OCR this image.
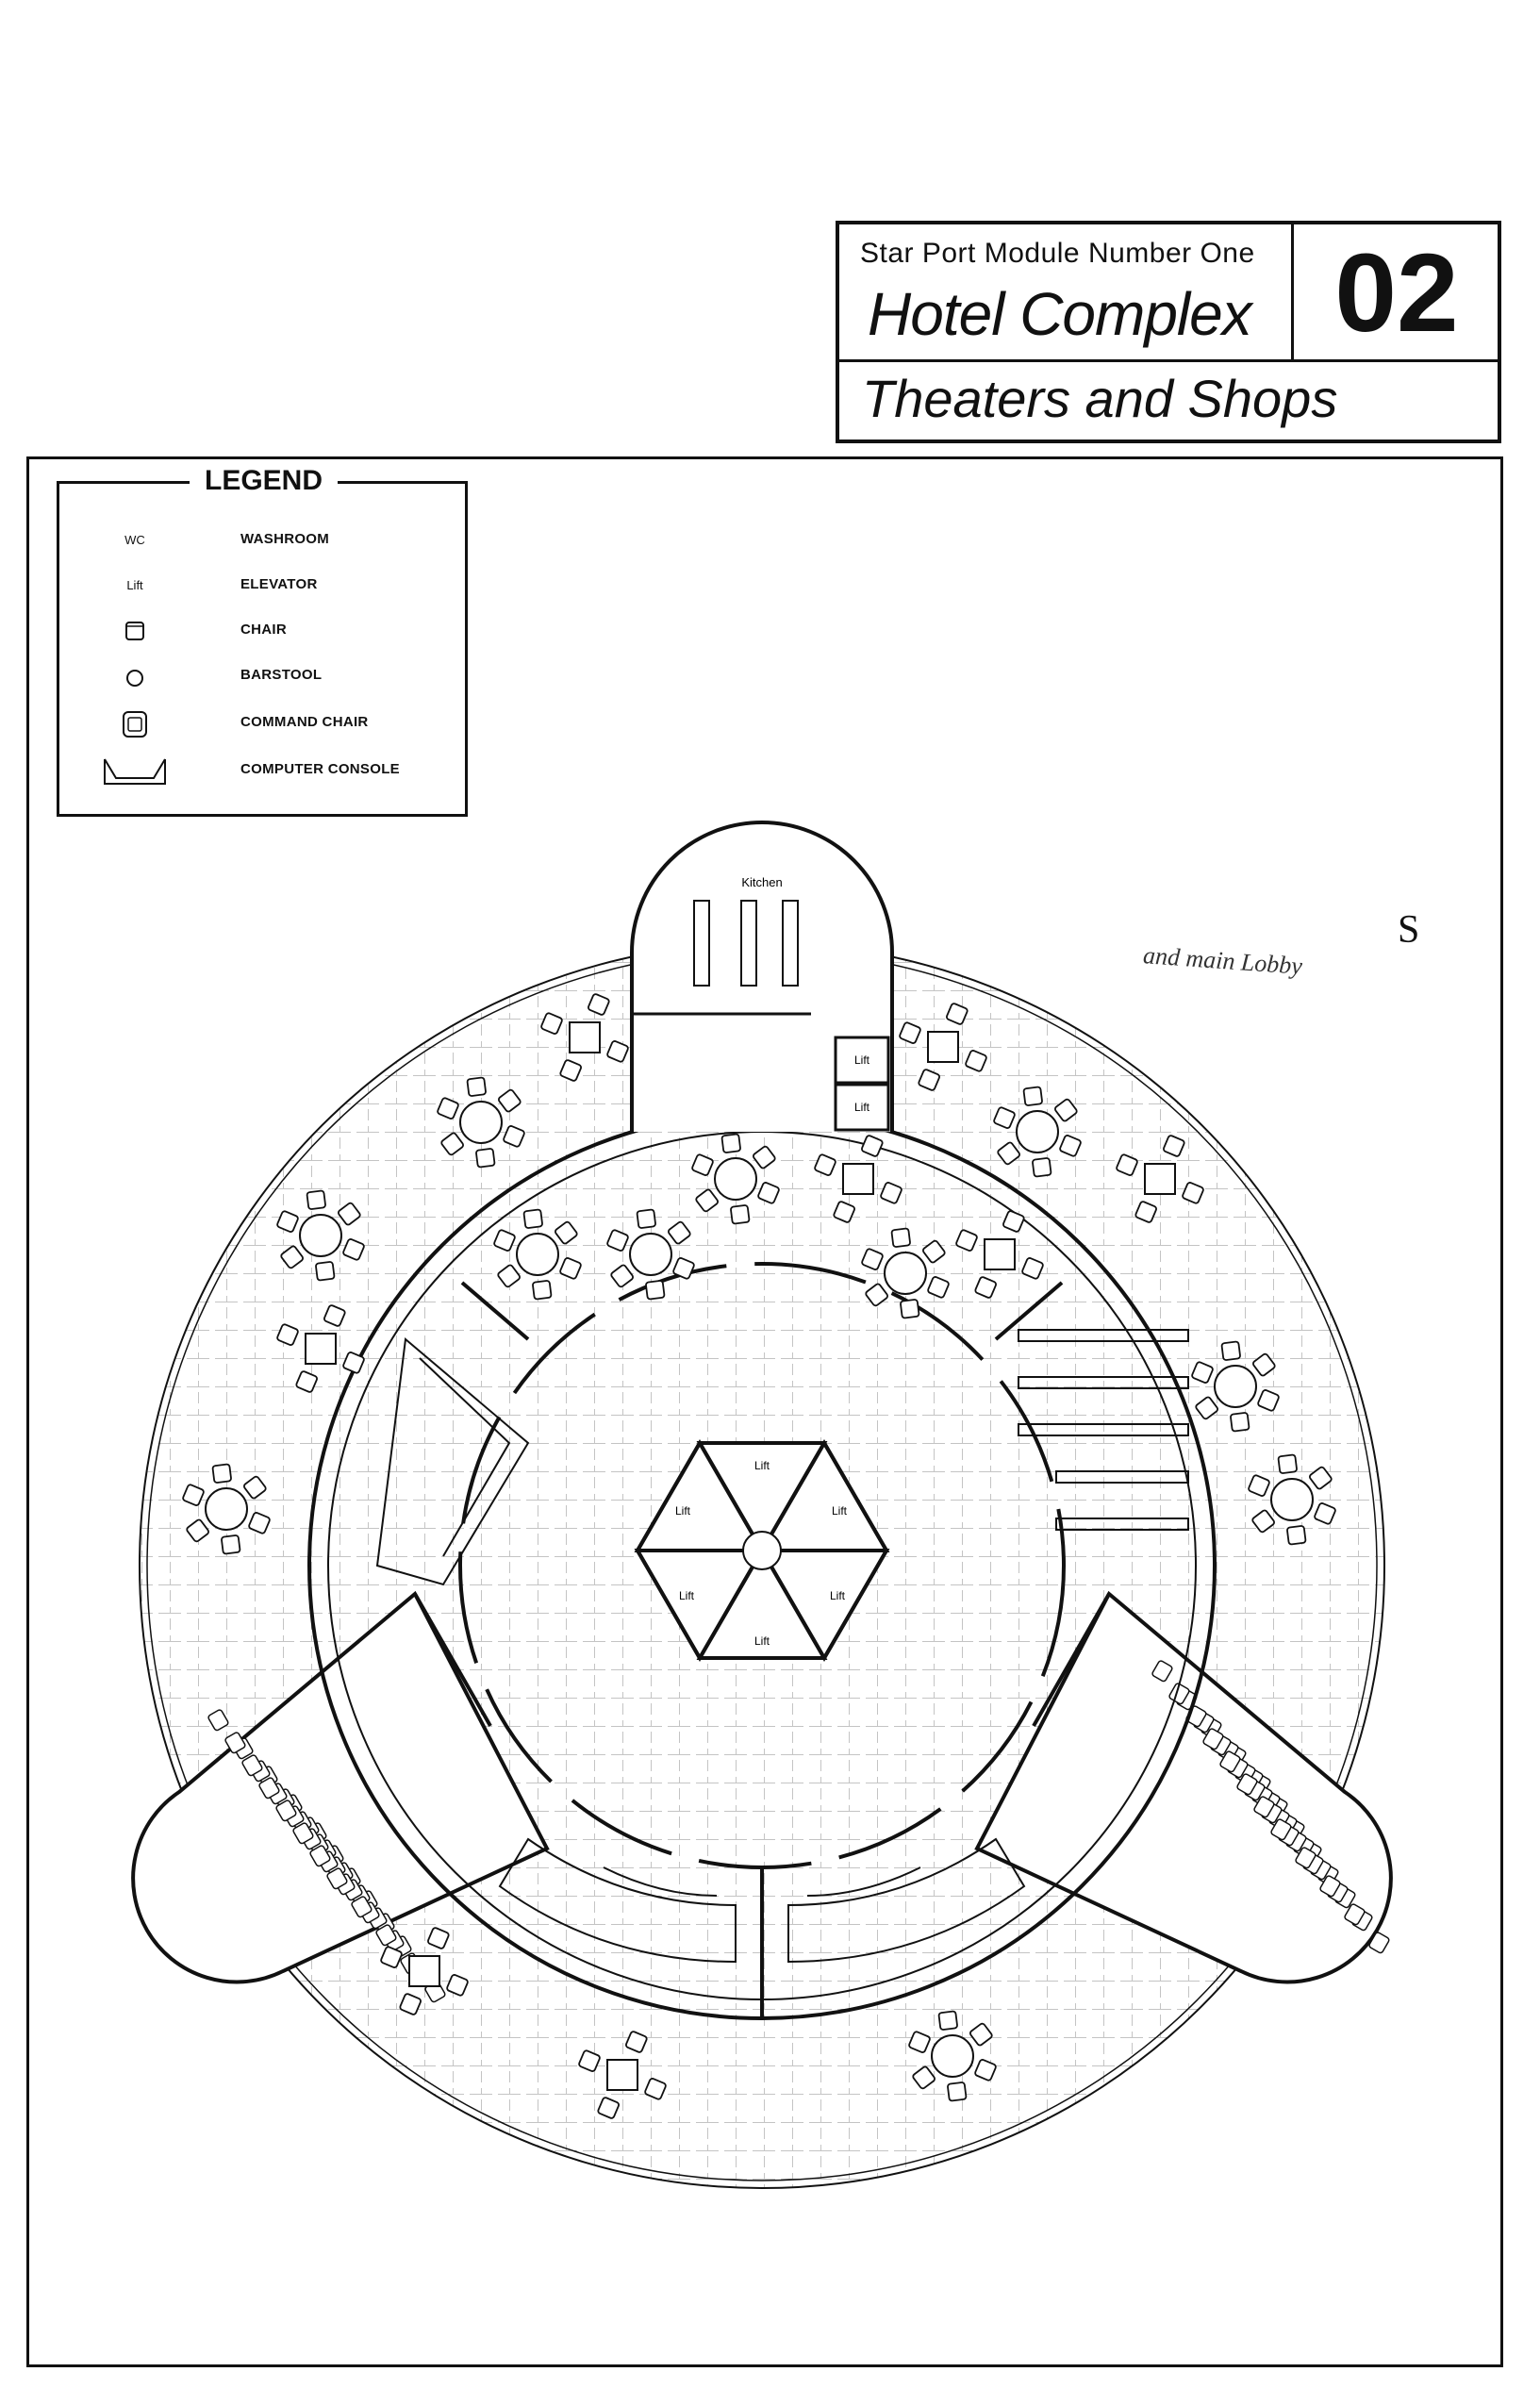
Star Port Module Number One
Hotel Complex 02
Theaters and Shops
LEGEND
WC	WASHROOM
Lift	ELEVATOR
CHAIR
BARSTOOL
COMMAND CHAIR
COMPUTER CONSOLE
and main Lobby
S
Kitchen
Lift
Lift
Lift
Lift	Lift
Lift	Lift
Lift
